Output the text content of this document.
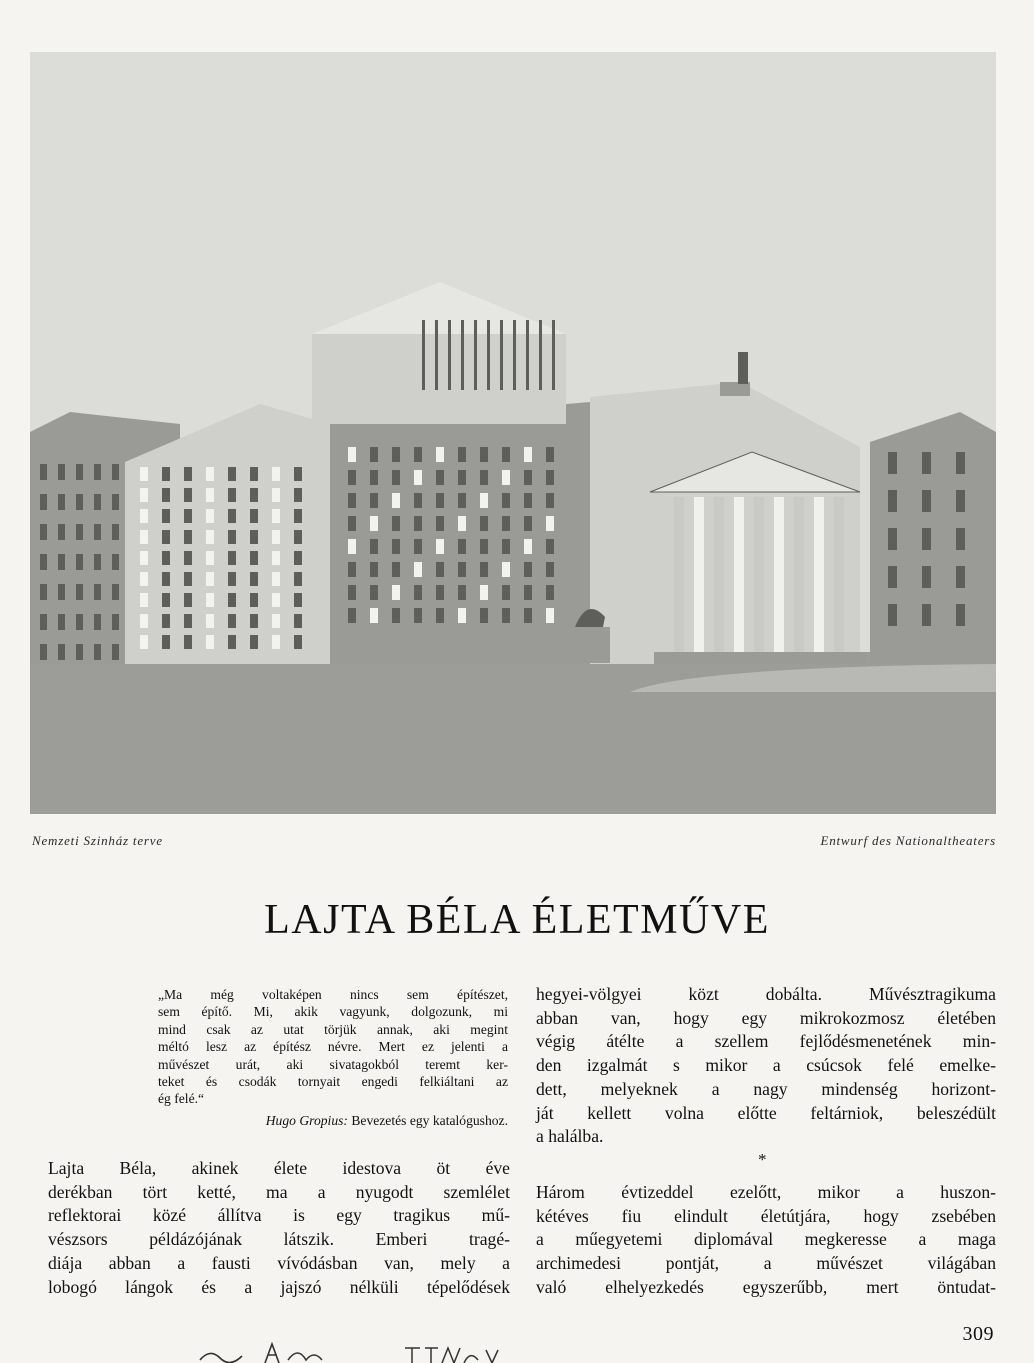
Nemzeti Szinház terve	Entwurf des Nationaltheaters
LAJTA BÉLA ÉLETMŰVE

„Ma még voltaképen nincs sem építészet,
sem építő. Mi, akik vagyunk, dolgozunk, mi
mind csak az utat törjük annak, aki megint
méltó lesz az építész névre. Mert ez jelenti a
művészet urát, aki sivatagokból teremt ker-
teket és csodák tornyait engedi felkiáltani az
ég felé.“

Hugo Gropius: Bevezetés egy katalógushoz.
Lajta Béla, akinek élete idestova öt éve
derékban tört ketté, ma a nyugodt szemlélet
reflektorai közé állítva is egy tragikus mű-
vészsors példázójának látszik. Emberi tragé-
diája abban a fausti vívódásban van, mely a
lobogó lángok és a jajszó nélküli tépelődések
hegyei-völgyei közt dobálta. Művésztragikuma
abban van, hogy egy mikrokozmosz életében
végig átélte a szellem fejlődésmenetének min-
den izgalmát s mikor a csúcsok felé emelke-
dett, melyeknek a nagy mindenség horizont-
ját kellett volna előtte feltárniok, beleszédült
a halálba.
*
Három évtizeddel ezelőtt, mikor a huszon-
kétéves fiu elindult életútjára, hogy zsebében
a műegyetemi diplomával megkeresse a maga
archimedesi pontját, a művészet világában
való elhelyezkedés egyszerűbb, mert öntudat-
309
